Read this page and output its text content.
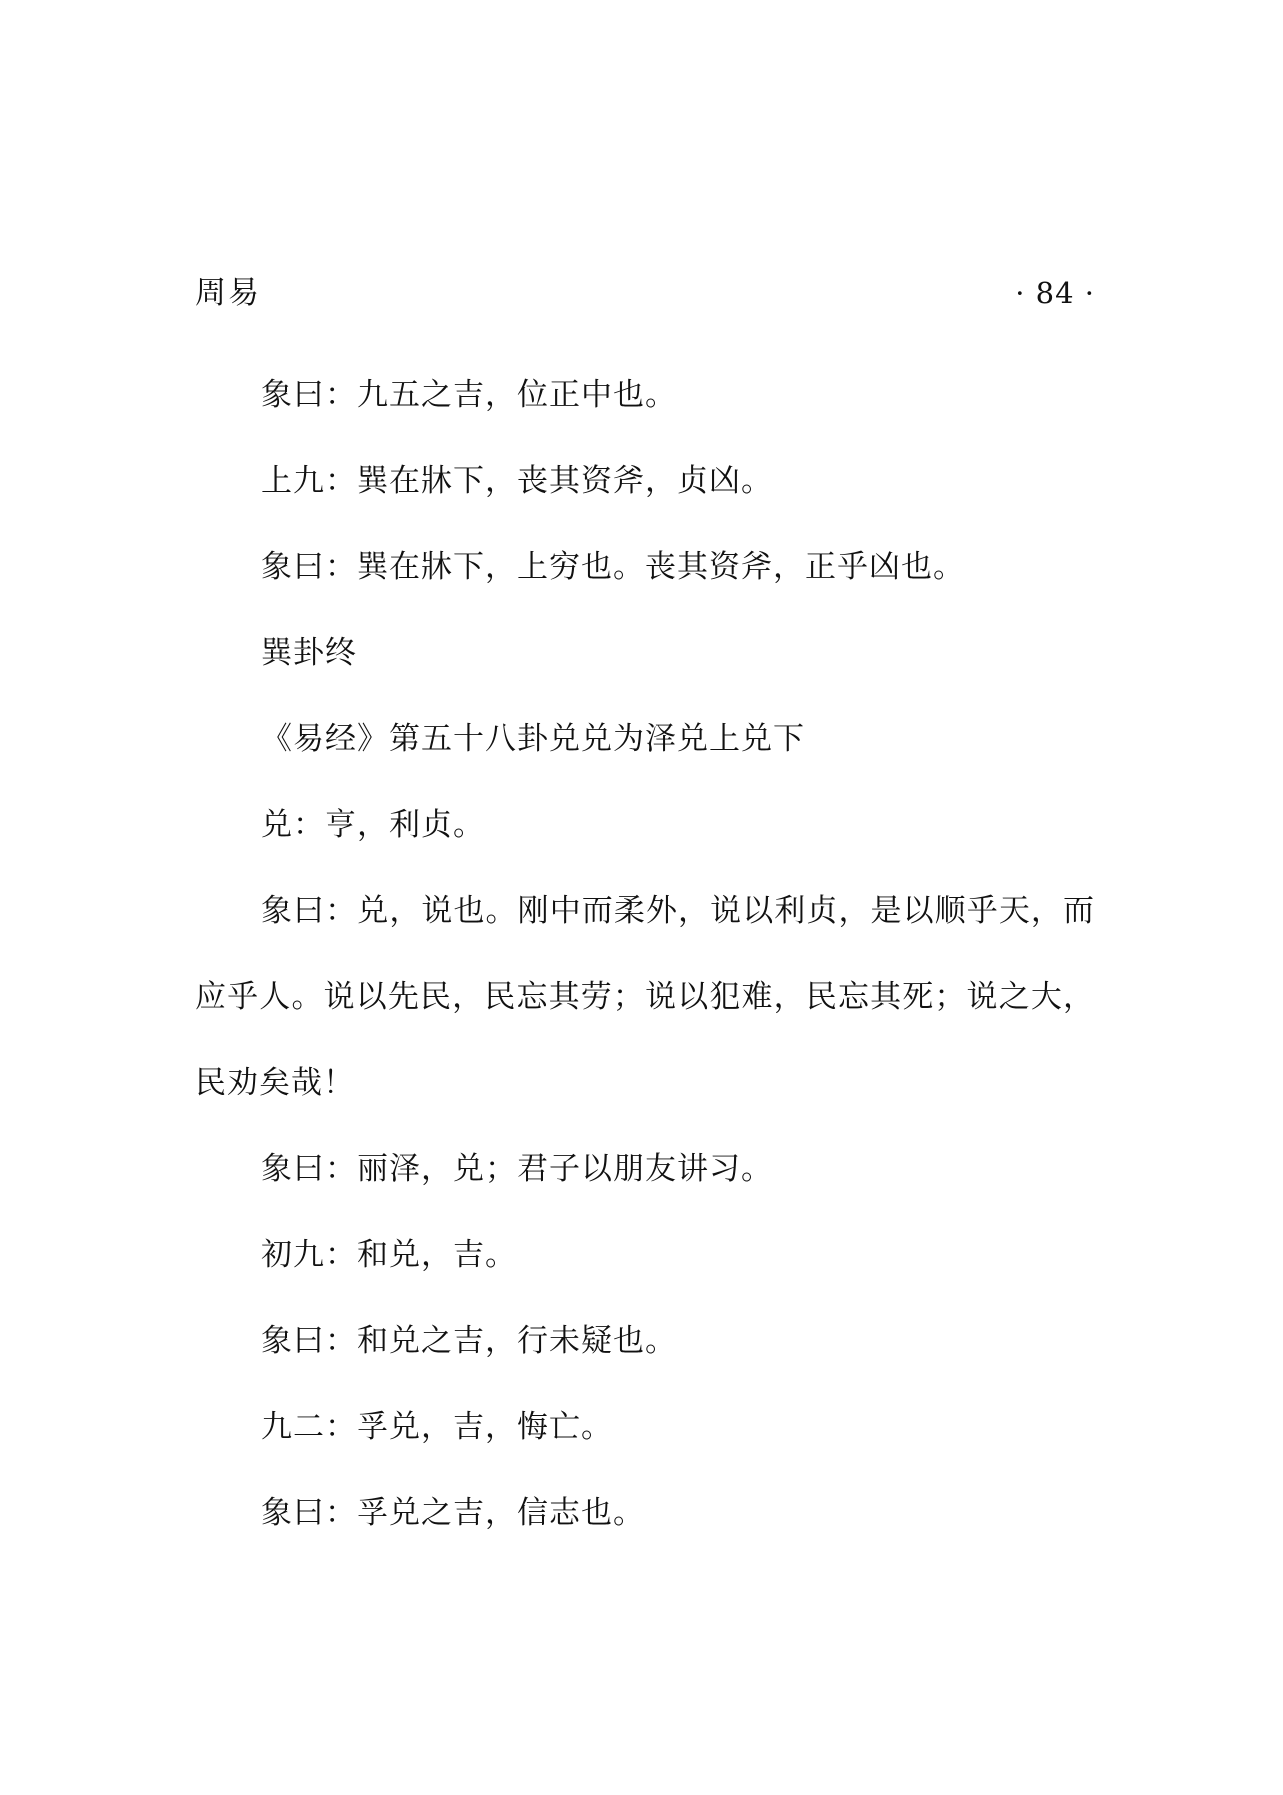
周易	· 84 ·

象曰：九五之吉，位正中也。

上九：巽在牀下，丧其资斧，贞凶。

象曰：巽在牀下，上穷也。丧其资斧，正乎凶也。

巽卦终

《易经》第五十八卦兑兑为泽兑上兑下

兑：亨，利贞。

象曰：兑，说也。刚中而柔外，说以利贞，是以顺乎天，而应乎人。说以先民，民忘其劳；说以犯难，民忘其死；说之大，民劝矣哉！

象曰：丽泽，兑；君子以朋友讲习。

初九：和兑，吉。

象曰：和兑之吉，行未疑也。

九二：孚兑，吉，悔亡。

象曰：孚兑之吉，信志也。
